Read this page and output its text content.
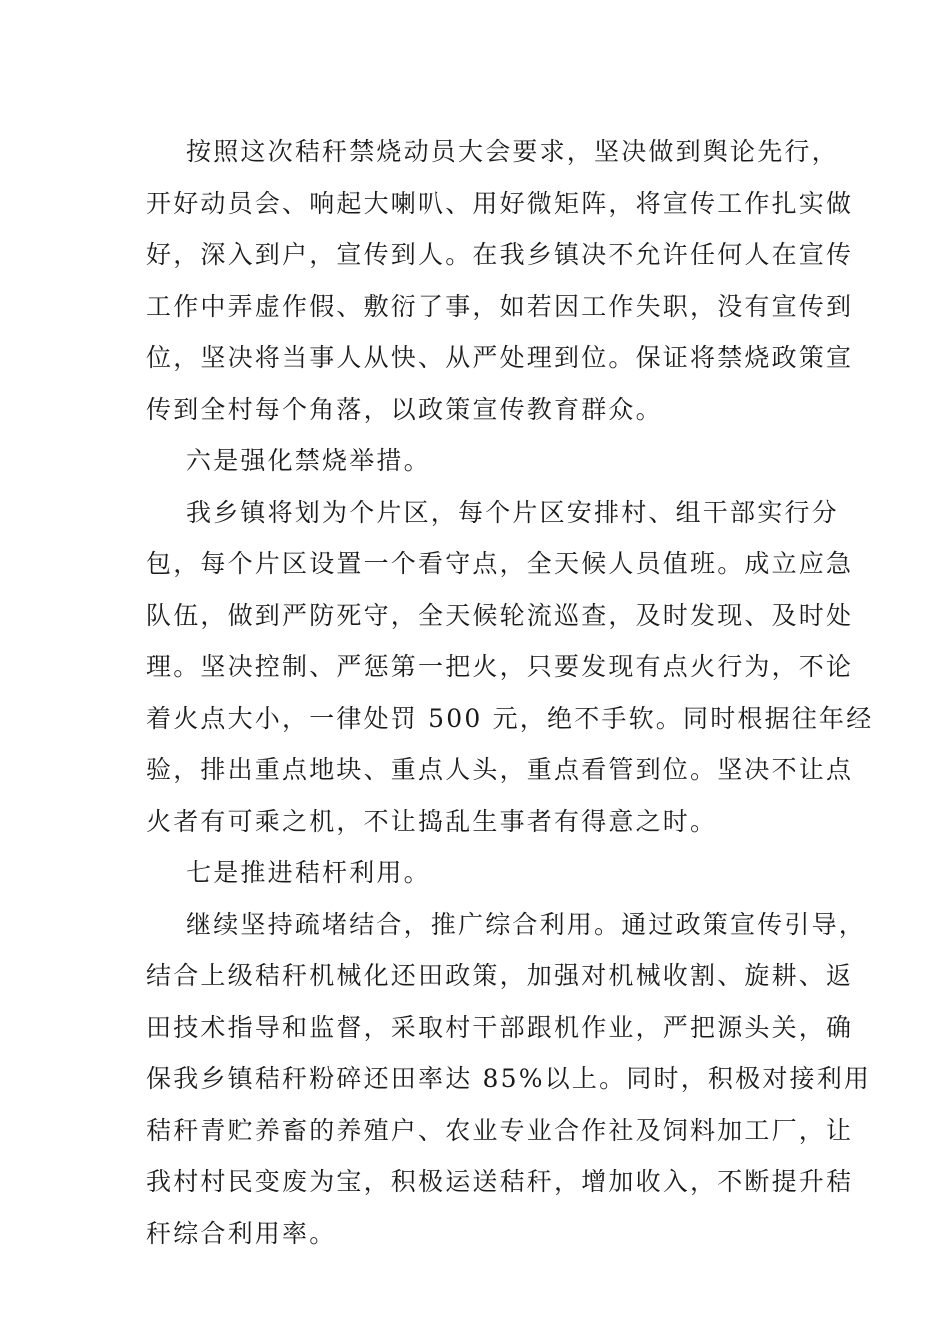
按照这次秸秆禁烧动员大会要求，坚决做到舆论先行，
开好动员会、响起大喇叭、用好微矩阵，将宣传工作扎实做
好，深入到户，宣传到人。在我乡镇决不允许任何人在宣传
工作中弄虚作假、敷衍了事，如若因工作失职，没有宣传到
位，坚决将当事人从快、从严处理到位。保证将禁烧政策宣
传到全村每个角落，以政策宣传教育群众。

六是强化禁烧举措。

我乡镇将划为个片区，每个片区安排村、组干部实行分
包，每个片区设置一个看守点，全天候人员值班。成立应急
队伍，做到严防死守，全天候轮流巡查，及时发现、及时处
理。坚决控制、严惩第一把火，只要发现有点火行为，不论
着火点大小，一律处罚 500 元，绝不手软。同时根据往年经
验，排出重点地块、重点人头，重点看管到位。坚决不让点
火者有可乘之机，不让捣乱生事者有得意之时。

七是推进秸杆利用。

继续坚持疏堵结合，推广综合利用。通过政策宣传引导，
结合上级秸秆机械化还田政策，加强对机械收割、旋耕、返
田技术指导和监督，采取村干部跟机作业，严把源头关，确
保我乡镇秸秆粉碎还田率达 85%以上。同时，积极对接利用
秸秆青贮养畜的养殖户、农业专业合作社及饲料加工厂，让
我村村民变废为宝，积极运送秸秆，增加收入，不断提升秸
秆综合利用率。
